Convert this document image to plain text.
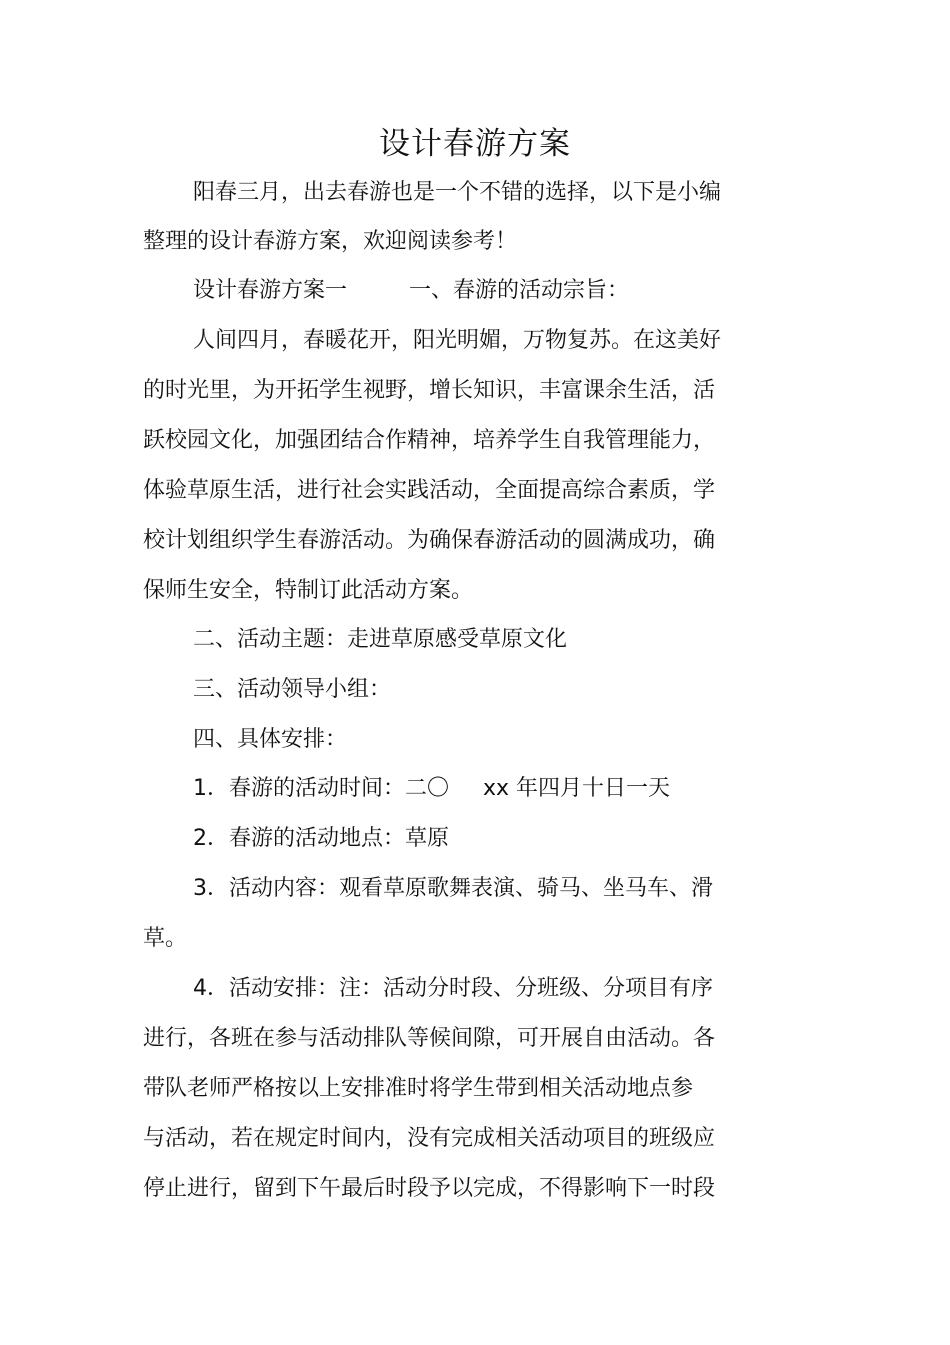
设计春游方案

阳春三月，出去春游也是一个不错的选择，以下是小编

整理的设计春游方案，欢迎阅读参考！

设计春游方案一	一、春游的活动宗旨：

人间四月，春暖花开，阳光明媚，万物复苏。在这美好

的时光里，为开拓学生视野，增长知识，丰富课余生活，活

跃校园文化，加强团结合作精神，培养学生自我管理能力，

体验草原生活，进行社会实践活动，全面提高综合素质，学

校计划组织学生春游活动。为确保春游活动的圆满成功，确

保师生安全，特制订此活动方案。

二、活动主题：走进草原感受草原文化

三、活动领导小组：

四、具体安排：

1．春游的活动时间：二〇 xx 年四月十日一天

2．春游的活动地点：草原

3．活动内容：观看草原歌舞表演、骑马、坐马车、滑

草。

4．活动安排：注：活动分时段、分班级、分项目有序

进行，各班在参与活动排队等候间隙，可开展自由活动。各

带队老师严格按以上安排准时将学生带到相关活动地点参

与活动，若在规定时间内，没有完成相关活动项目的班级应

停止进行，留到下午最后时段予以完成，不得影响下一时段
